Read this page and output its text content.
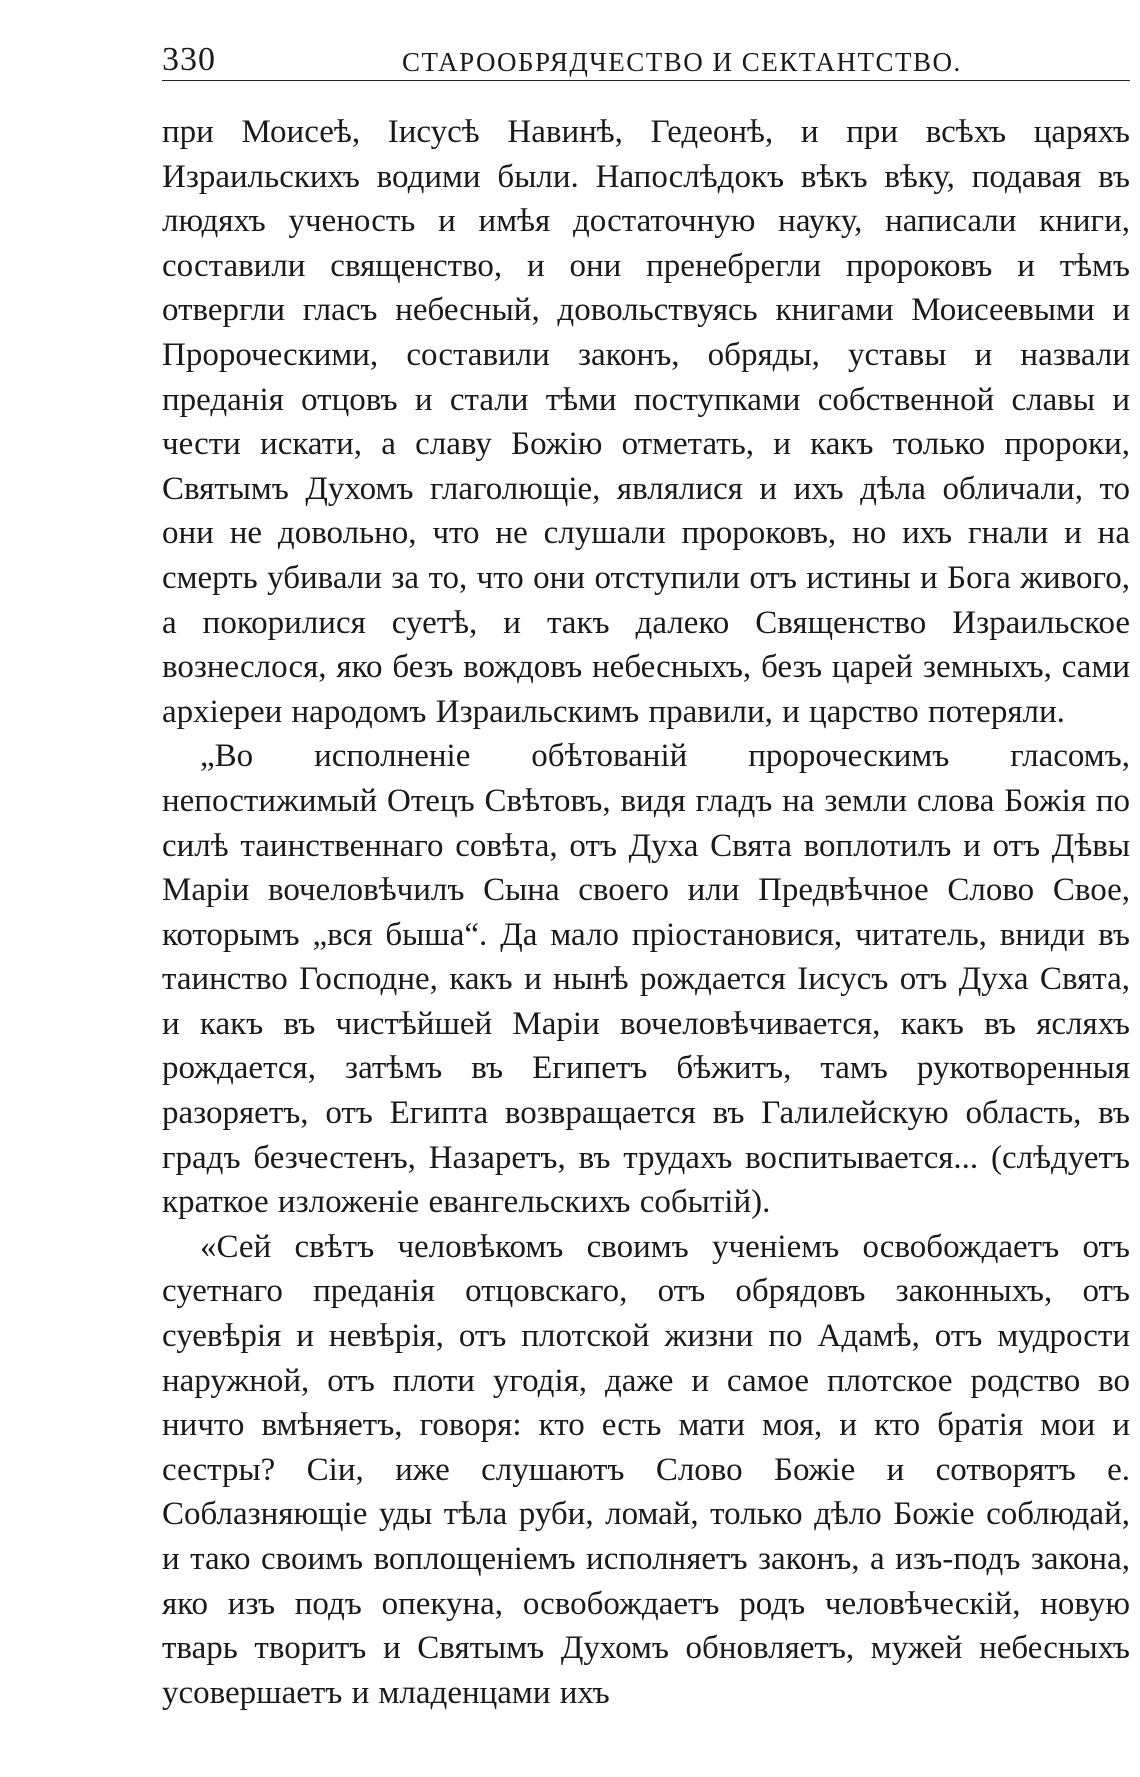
330	СТАРООБРЯДЧЕСТВО И СЕКТАНТСТВО.

при Моисеѣ, Іисусѣ Навинѣ, Гедеонѣ, и при всѣхъ царяхъ Израильскихъ водими были. Напослѣдокъ вѣкъ вѣку, подавая въ людяхъ ученость и имѣя достаточную науку, написали книги, составили священство, и они пренебрегли пророковъ и тѣмъ отвергли гласъ небесный, довольствуясь книгами Моисеевыми и Пророческими, составили законъ, обряды, уставы и назвали преданія отцовъ и стали тѣми поступками собственной славы и чести искати, а славу Божію отметать, и какъ только пророки, Святымъ Духомъ глаголющіе, являлися и ихъ дѣла обличали, то они не довольно, что не слушали пророковъ, но ихъ гнали и на смерть убивали за то, что они отступили отъ истины и Бога живого, а покорилися суетѣ, и такъ далеко Священство Израильское вознеслося, яко безъ вождовъ небесныхъ, безъ царей земныхъ, сами архіереи народомъ Израильскимъ правили, и царство потеряли.

„Во исполненіе обѣтованій пророческимъ гласомъ, непостижимый Отецъ Свѣтовъ, видя гладъ на земли слова Божія по силѣ таинственнаго совѣта, отъ Духа Свята воплотилъ и отъ Дѣвы Маріи вочеловѣчилъ Сына своего или Предвѣчное Слово Свое, которымъ „вся быша“. Да мало пріостановися, читатель, вниди въ таинство Господне, какъ и нынѣ рождается Іисусъ отъ Духа Свята, и какъ въ чистѣйшей Маріи вочеловѣчивается, какъ въ ясляхъ рождается, затѣмъ въ Египетъ бѣжитъ, тамъ рукотворенныя разоряетъ, отъ Египта возвращается въ Галилейскую область, въ градъ безчестенъ, Назаретъ, въ трудахъ воспитывается... (слѣдуетъ краткое изложеніе евангельскихъ событій).

«Сей свѣтъ человѣкомъ своимъ ученіемъ освобождаетъ отъ суетнаго преданія отцовскаго, отъ обрядовъ законныхъ, отъ суевѣрія и невѣрія, отъ плотской жизни по Адамѣ, отъ мудрости наружной, отъ плоти угодія, даже и самое плотское родство во ничто вмѣняетъ, говоря: кто есть мати моя, и кто братія мои и сестры? Сіи, иже слушаютъ Слово Божіе и сотворятъ е. Соблазняющіе уды тѣла руби, ломай, только дѣло Божіе соблюдай, и тако своимъ воплощеніемъ исполняетъ законъ, а изъ-подъ закона, яко изъ подъ опекуна, освобождаетъ родъ человѣческій, новую тварь творитъ и Святымъ Духомъ обновляетъ, мужей небесныхъ усовершаетъ и младенцами ихъ
